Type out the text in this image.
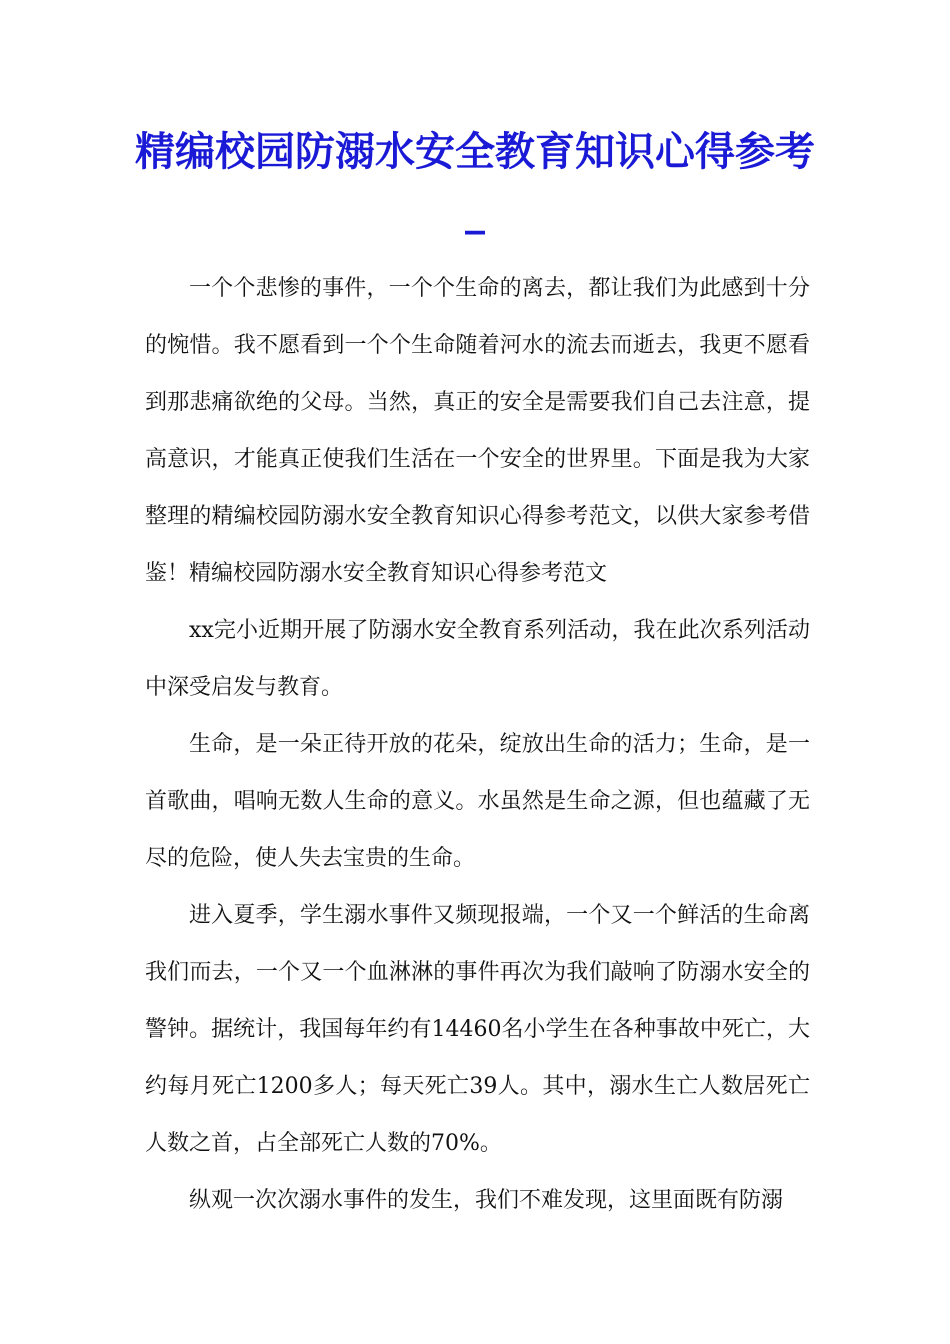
精编校园防溺水安全教育知识心得参考_

一个个悲惨的事件，一个个生命的离去，都让我们为此感到十分的惋惜。我不愿看到一个个生命随着河水的流去而逝去，我更不愿看到那悲痛欲绝的父母。当然，真正的安全是需要我们自己去注意，提高意识，才能真正使我们生活在一个安全的世界里。下面是我为大家整理的精编校园防溺水安全教育知识心得参考范文，以供大家参考借鉴！精编校园防溺水安全教育知识心得参考范文

xx完小近期开展了防溺水安全教育系列活动，我在此次系列活动中深受启发与教育。

生命，是一朵正待开放的花朵，绽放出生命的活力；生命，是一首歌曲，唱响无数人生命的意义。水虽然是生命之源，但也蕴藏了无尽的危险，使人失去宝贵的生命。

进入夏季，学生溺水事件又频现报端，一个又一个鲜活的生命离我们而去，一个又一个血淋淋的事件再次为我们敲响了防溺水安全的警钟。据统计，我国每年约有14460名小学生在各种事故中死亡，大约每月死亡1200多人；每天死亡39人。其中，溺水生亡人数居死亡人数之首，占全部死亡人数的70%。

纵观一次次溺水事件的发生，我们不难发现，这里面既有防溺
